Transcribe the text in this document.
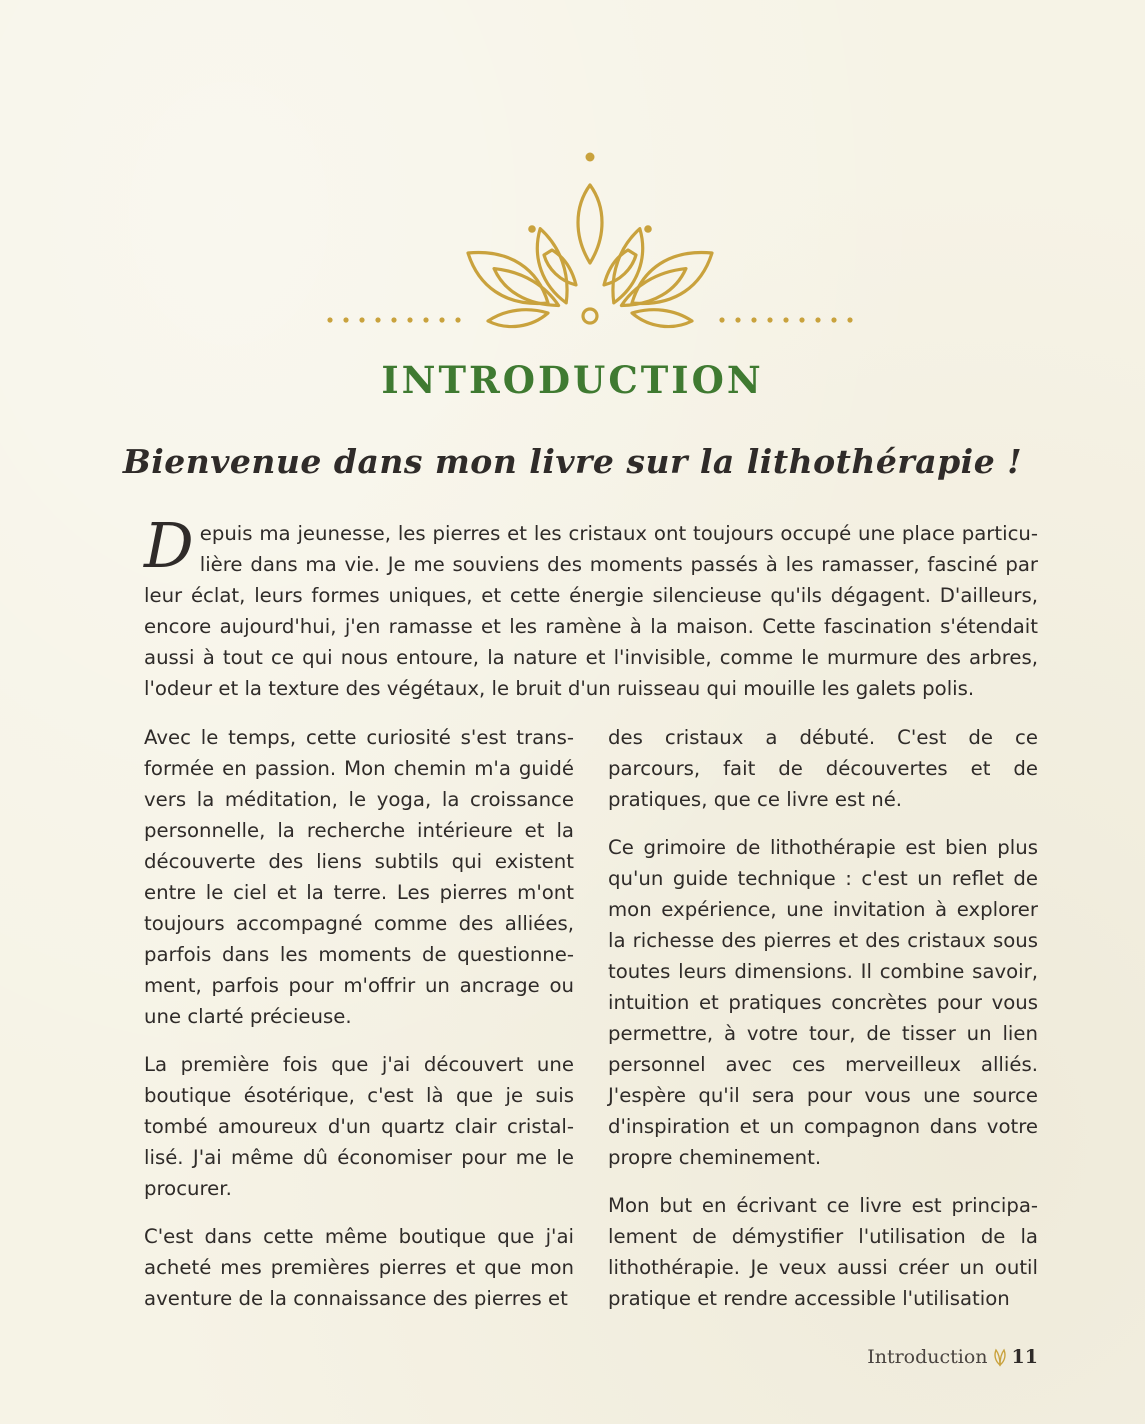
INTRODUCTION
Bienvenue dans mon livre sur la lithothérapie !

Depuis ma jeunesse, les pierres et les cristaux ont toujours occupé une place particulière dans ma vie. Je me souviens des moments passés à les ramasser, fasciné par leur éclat, leurs formes uniques, et cette énergie silencieuse qu'ils dégagent. D'ailleurs, encore aujourd'hui, j'en ramasse et les ramène à la maison. Cette fascination s'étendait aussi à tout ce qui nous entoure, la nature et l'invisible, comme le murmure des arbres, l'odeur et la texture des végétaux, le bruit d'un ruisseau qui mouille les galets polis.

Avec le temps, cette curiosité s'est transformée en passion. Mon chemin m'a guidé vers la méditation, le yoga, la croissance personnelle, la recherche intérieure et la découverte des liens subtils qui existent entre le ciel et la terre. Les pierres m'ont toujours accompagné comme des alliées, parfois dans les moments de questionnement, parfois pour m'offrir un ancrage ou une clarté précieuse.

La première fois que j'ai découvert une boutique ésotérique, c'est là que je suis tombé amoureux d'un quartz clair cristallisé. J'ai même dû économiser pour me le procurer.

C'est dans cette même boutique que j'ai acheté mes premières pierres et que mon aventure de la connaissance des pierres et

des cristaux a débuté. C'est de ce parcours, fait de découvertes et de pratiques, que ce livre est né.

Ce grimoire de lithothérapie est bien plus qu'un guide technique : c'est un reflet de mon expérience, une invitation à explorer la richesse des pierres et des cristaux sous toutes leurs dimensions. Il combine savoir, intuition et pratiques concrètes pour vous permettre, à votre tour, de tisser un lien personnel avec ces merveilleux alliés. J'espère qu'il sera pour vous une source d'inspiration et un compagnon dans votre propre cheminement.

Mon but en écrivant ce livre est principalement de démystifier l'utilisation de la lithothérapie. Je veux aussi créer un outil pratique et rendre accessible l'utilisation

Introduction 11
